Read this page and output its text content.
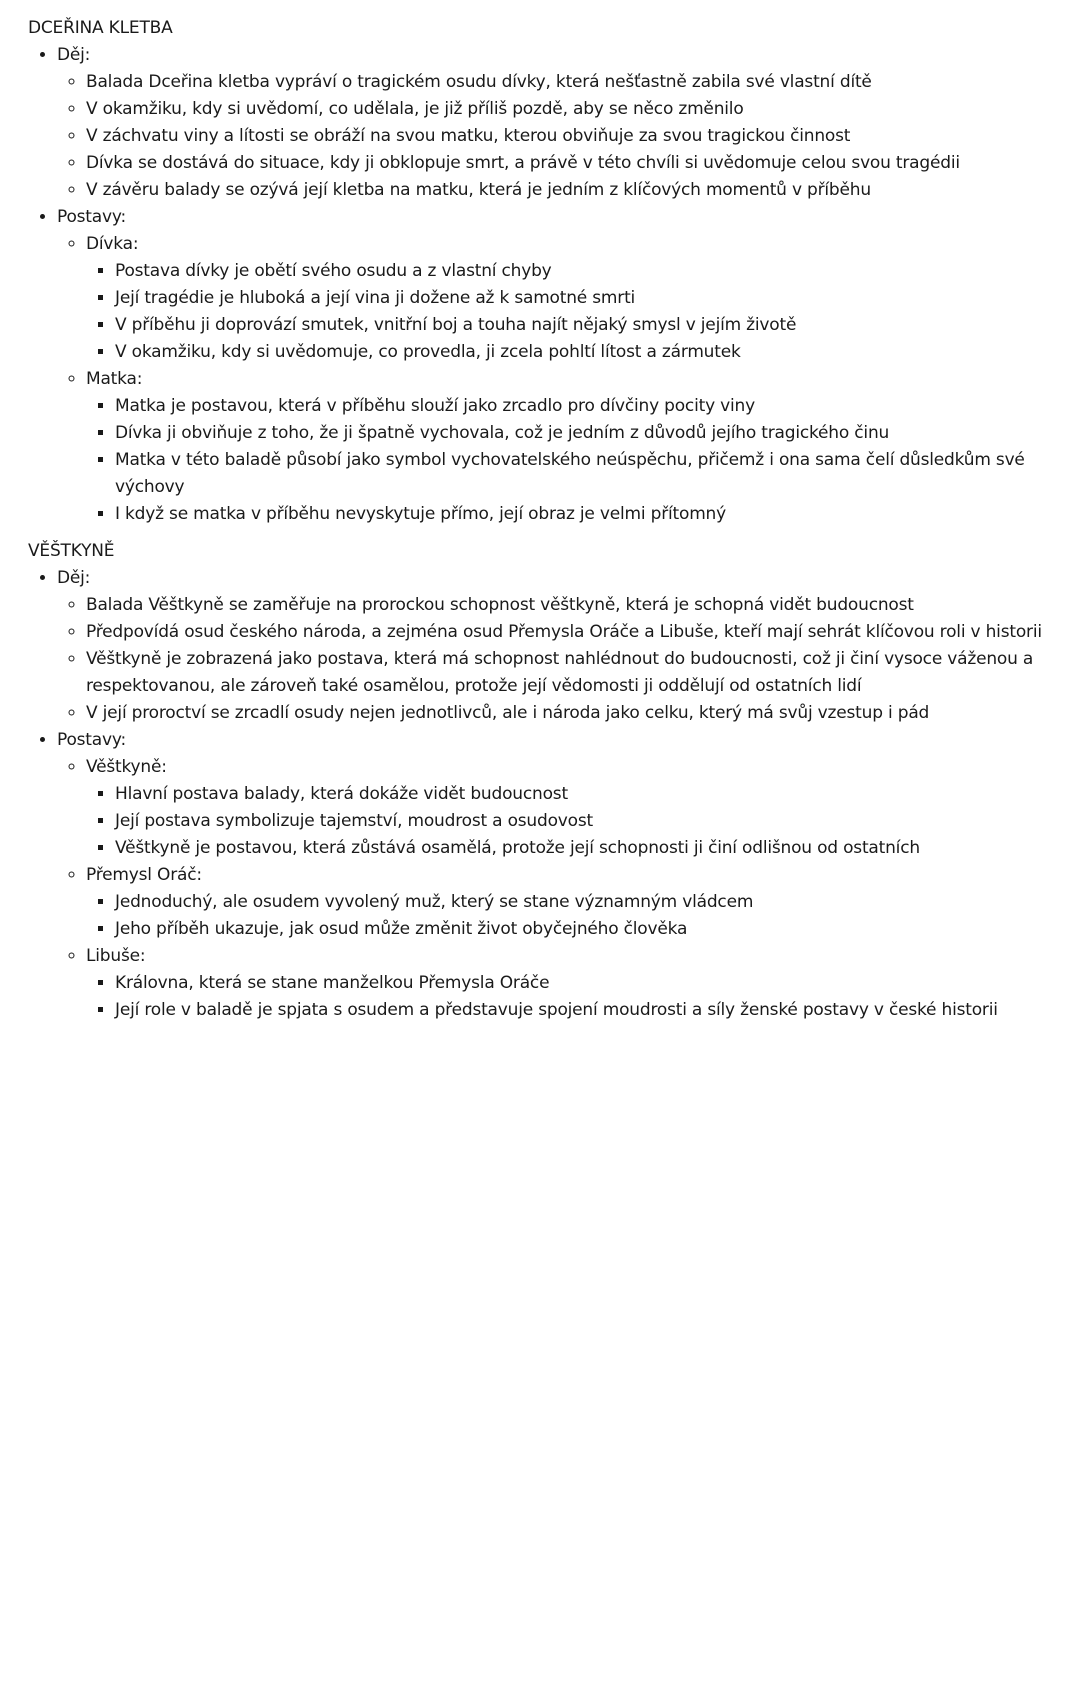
DCEŘINA KLETBA
• Děj:
◦ Balada Dceřina kletba vypráví o tragickém osudu dívky, která nešťastně zabila své vlastní dítě
◦ V okamžiku, kdy si uvědomí, co udělala, je již příliš pozdě, aby se něco změnilo
◦ V záchvatu viny a lítosti se obráží na svou matku, kterou obviňuje za svou tragickou činnost
◦ Dívka se dostává do situace, kdy ji obklopuje smrt, a právě v této chvíli si uvědomuje celou svou tragédii
◦ V závěru balady se ozývá její kletba na matku, která je jedním z klíčových momentů v příběhu
• Postavy:
◦ Dívka:
▪ Postava dívky je obětí svého osudu a z vlastní chyby
▪ Její tragédie je hluboká a její vina ji dožene až k samotné smrti
▪ V příběhu ji doprovází smutek, vnitřní boj a touha najít nějaký smysl v jejím životě
▪ V okamžiku, kdy si uvědomuje, co provedla, ji zcela pohltí lítost a zármutek
◦ Matka:
▪ Matka je postavou, která v příběhu slouží jako zrcadlo pro dívčiny pocity viny
▪ Dívka ji obviňuje z toho, že ji špatně vychovala, což je jedním z důvodů jejího tragického činu
▪ Matka v této baladě působí jako symbol vychovatelského neúspěchu, přičemž i ona sama čelí důsledkům své výchovy
▪ I když se matka v příběhu nevyskytuje přímo, její obraz je velmi přítomný
VĚŠTKYNĚ
• Děj:
◦ Balada Věštkyně se zaměřuje na prorockou schopnost věštkyně, která je schopná vidět budoucnost
◦ Předpovídá osud českého národa, a zejména osud Přemysla Oráče a Libuše, kteří mají sehrát klíčovou roli v historii
◦ Věštkyně je zobrazená jako postava, která má schopnost nahlédnout do budoucnosti, což ji činí vysoce váženou a respektovanou, ale zároveň také osamělou, protože její vědomosti ji oddělují od ostatních lidí
◦ V její proroctví se zrcadlí osudy nejen jednotlivců, ale i národa jako celku, který má svůj vzestup i pád
• Postavy:
◦ Věštkyně:
▪ Hlavní postava balady, která dokáže vidět budoucnost
▪ Její postava symbolizuje tajemství, moudrost a osudovost
▪ Věštkyně je postavou, která zůstává osamělá, protože její schopnosti ji činí odlišnou od ostatních
◦ Přemysl Oráč:
▪ Jednoduchý, ale osudem vyvolený muž, který se stane významným vládcem
▪ Jeho příběh ukazuje, jak osud může změnit život obyčejného člověka
◦ Libuše:
▪ Královna, která se stane manželkou Přemysla Oráče
▪ Její role v baladě je spjata s osudem a představuje spojení moudrosti a síly ženské postavy v české historii
